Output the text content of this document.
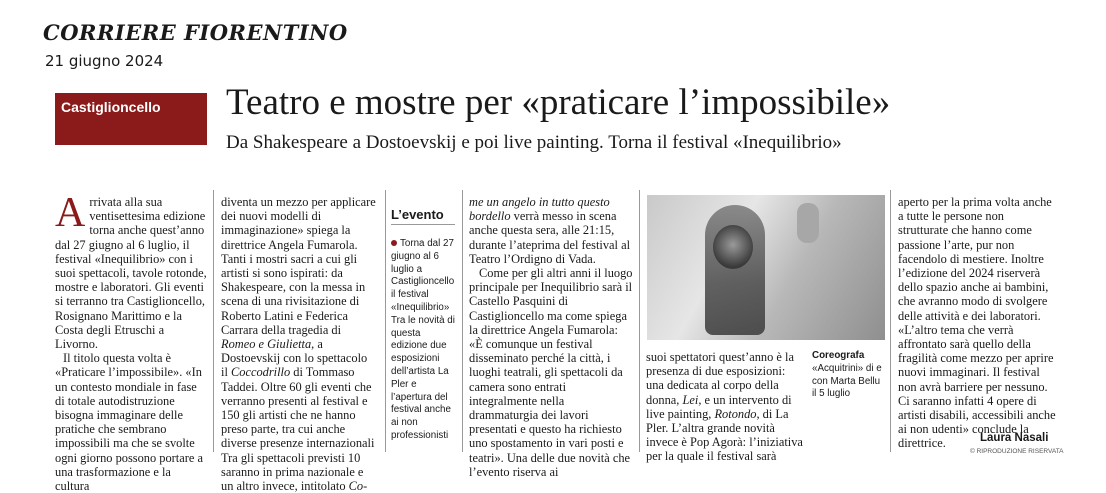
CORRIERE FIORENTINO
21 giugno 2024
Castiglioncello Teatro e mostre per «praticare l’impossibile»
Da Shakespeare a Dostoevskij e poi live painting. Torna il festival «Inequilibrio»

Arrivata alla sua ventisettesima edizione torna anche quest’anno dal 27 giugno al 6 luglio, il festival «Inequilibrio» con i suoi spettacoli, tavole rotonde, mostre e laboratori. Gli eventi si terranno tra Castiglioncello, Rosignano Marittimo e la Costa degli Etruschi a Livorno.

Il titolo questa volta è «Praticare l’impossibile». «In un contesto mondiale in fase di totale autodistruzione bisogna immaginare delle pratiche che sembrano impossibili ma che se svolte ogni giorno possono portare a una trasformazione e la cultura

diventa un mezzo per applicare dei nuovi modelli di immaginazione» spiega la direttrice Angela Fumarola. Tanti i mostri sacri a cui gli artisti si sono ispirati: da Shakespeare, con la messa in scena di una rivisitazione di Roberto Latini e Federica Carrara della tragedia di Romeo e Giulietta, a Dostoevskij con lo spettacolo il Coccodrillo di Tommaso Taddei. Oltre 60 gli eventi che verranno presenti al festival e 150 gli artisti che ne hanno preso parte, tra cui anche diverse presenze internazionali Tra gli spettacoli previsti 10 saranno in prima nazionale e un altro invece, intitolato Co-

L’evento
Torna dal 27 giugno al 6 luglio a Castiglioncello il festival «Inequilibrio» Tra le novità di questa edizione due esposizioni dell’artista La Pler e l’apertura del festival anche ai non professionisti

me un angelo in tutto questo bordello verrà messo in scena anche questa sera, alle 21:15, durante l’ateprima del festival al Teatro l’Ordigno di Vada.

Come per gli altri anni il luogo principale per Inequilibrio sarà il Castello Pasquini di Castiglioncello ma come spiega la direttrice Angela Fumarola: «È comunque un festival disseminato perché la città, i luoghi teatrali, gli spettacoli da camera sono entrati integralmente nella drammaturgia dei lavori presentati e questo ha richiesto uno spostamento in vari posti e teatri». Una delle due novità che l’evento riserva ai

suoi spettatori quest’anno è la presenza di due esposizioni: una dedicata al corpo della donna, Lei, e un intervento di live painting, Rotondo, di La Pler. L’altra grande novità invece è Pop Agorà: l’iniziativa per la quale il festival sarà

Coreografa
«Acquitrini» di e con Marta Bellu il 5 luglio

aperto per la prima volta anche a tutte le persone non strutturate che hanno come passione l’arte, pur non facendolo di mestiere. Inoltre l’edizione del 2024 riserverà dello spazio anche ai bambini, che avranno modo di svolgere delle attività e dei laboratori. «L’altro tema che verrà affrontato sarà quello della fragilità come mezzo per aprire nuovi immaginari. Il festival non avrà barriere per nessuno. Ci saranno infatti 4 opere di artisti disabili, accessibili anche ai non udenti» conclude la direttrice.	Laura Nasali
© RIPRODUZIONE RISERVATA
